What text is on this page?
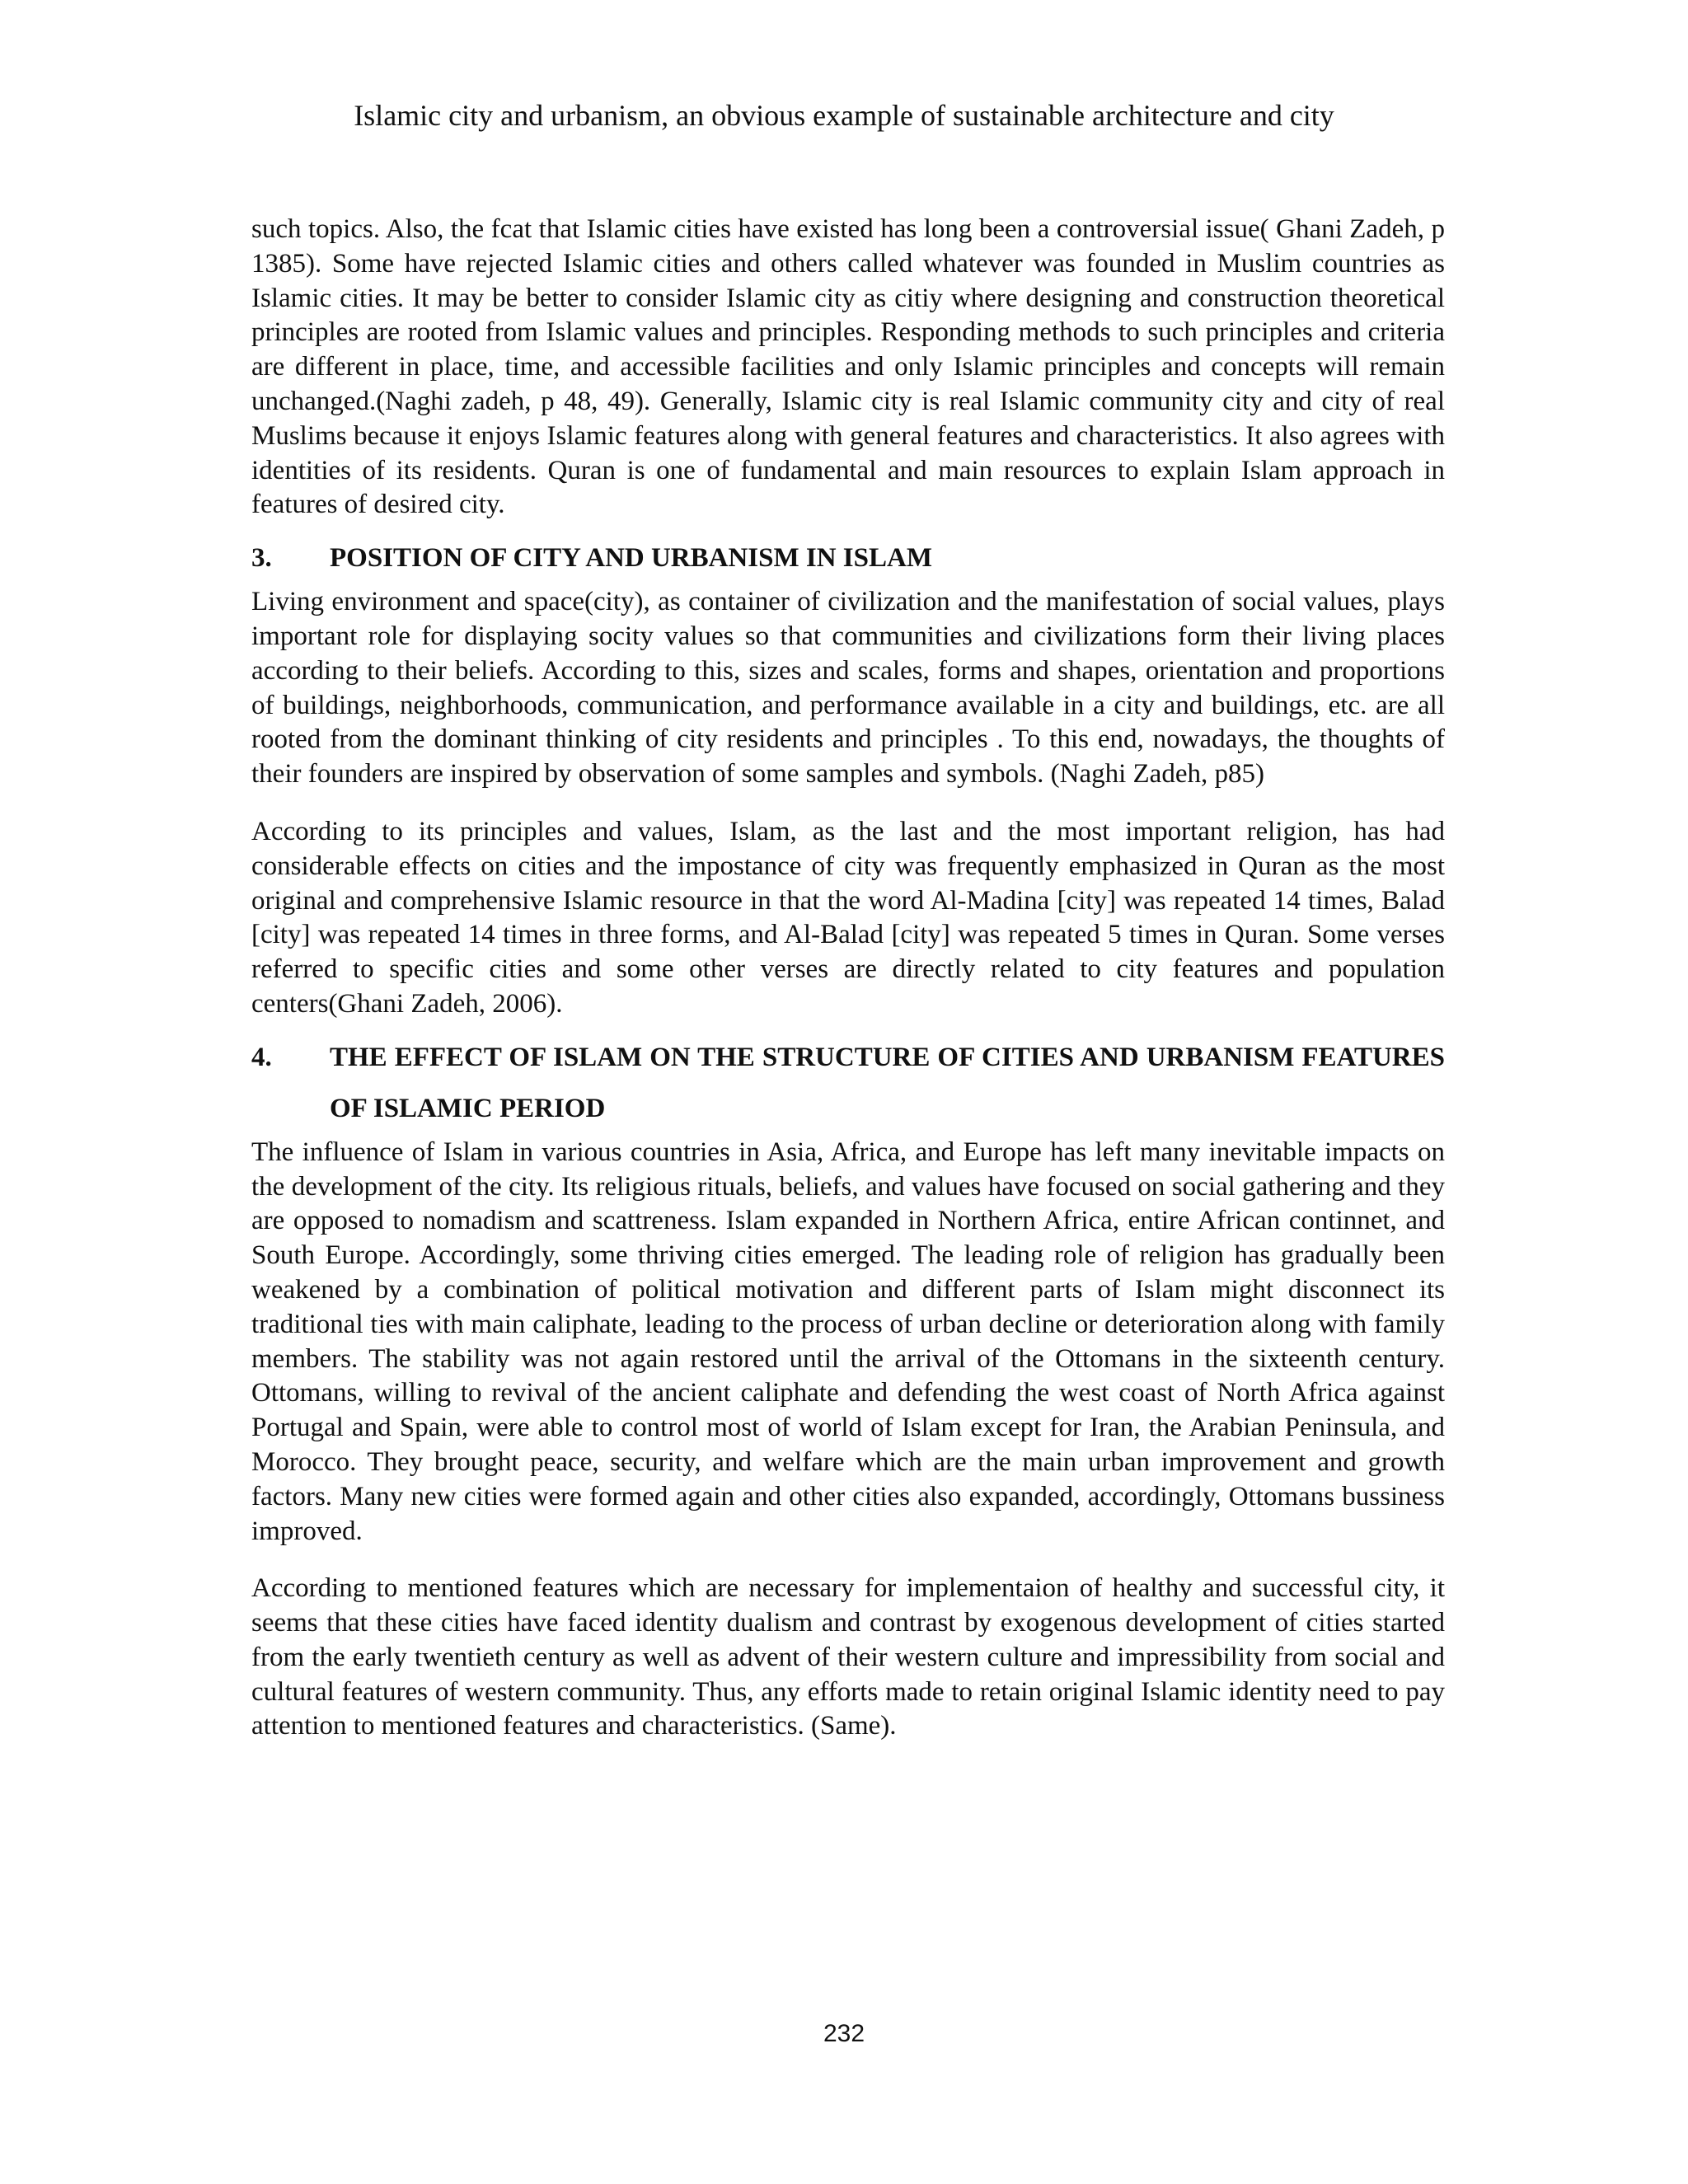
Islamic city and urbanism, an obvious example of sustainable architecture and city

such topics. Also, the fcat that Islamic cities have existed has long been a controversial issue( Ghani Zadeh, p 1385). Some have rejected Islamic cities and others called whatever was founded in Muslim countries as Islamic cities. It may be better to consider Islamic city as citiy where designing and construction theoretical principles are rooted from Islamic values and principles. Responding methods to such principles and criteria are different in place, time, and accessible facilities and only Islamic principles and concepts will remain unchanged.(Naghi zadeh, p 48, 49). Generally, Islamic city is real Islamic community city and city of real Muslims because it enjoys Islamic features along with general features and characteristics. It also agrees with identities of its residents. Quran is one of fundamental and main resources to explain Islam approach in features of desired city.

3.	POSITION OF CITY AND URBANISM IN ISLAM

Living environment and space(city), as container of civilization and the manifestation of social values, plays important role for displaying socity values so that communities and civilizations form their living places according to their beliefs. According to this, sizes and scales, forms and shapes, orientation and proportions of buildings, neighborhoods, communication, and performance available in a city and buildings, etc. are all rooted from the dominant thinking of city residents and principles . To this end, nowadays, the thoughts of their founders are inspired by observation of some samples and symbols. (Naghi Zadeh, p85)

According to its principles and values, Islam, as the last and the most important religion, has had considerable effects on cities and the impostance of city was frequently emphasized in Quran as the most original and comprehensive Islamic resource in that the word Al-Madina [city] was repeated 14 times, Balad [city] was repeated 14 times in three forms, and Al-Balad [city] was repeated 5 times in Quran. Some verses referred to specific cities and some other verses are directly related to city features and population centers(Ghani Zadeh, 2006).

4.	THE EFFECT OF ISLAM ON THE STRUCTURE OF CITIES AND URBANISM FEATURES OF ISLAMIC PERIOD

The influence of Islam in various countries in Asia, Africa, and Europe has left many inevitable impacts on the development of the city. Its religious rituals, beliefs, and values have focused on social gathering and they are opposed to nomadism and scattreness. Islam expanded in Northern Africa, entire African continnet, and South Europe. Accordingly, some thriving cities emerged. The leading role of religion has gradually been weakened by a combination of political motivation and different parts of Islam might disconnect its traditional ties with main caliphate, leading to the process of urban decline or deterioration along with family members. The stability was not again restored until the arrival of the Ottomans in the sixteenth century. Ottomans, willing to revival of the ancient caliphate and defending the west coast of North Africa against Portugal and Spain, were able to control most of world of Islam except for Iran, the Arabian Peninsula, and Morocco. They brought peace, security, and welfare which are the main urban improvement and growth factors. Many new cities were formed again and other cities also expanded, accordingly, Ottomans bussiness improved.

According to mentioned features which are necessary for implementaion of healthy and successful city, it seems that these cities have faced identity dualism and contrast by exogenous development of cities started from the early twentieth century as well as advent of their western culture and impressibility from social and cultural features of western community. Thus, any efforts made to retain original Islamic identity need to pay attention to mentioned features and characteristics. (Same).

232
